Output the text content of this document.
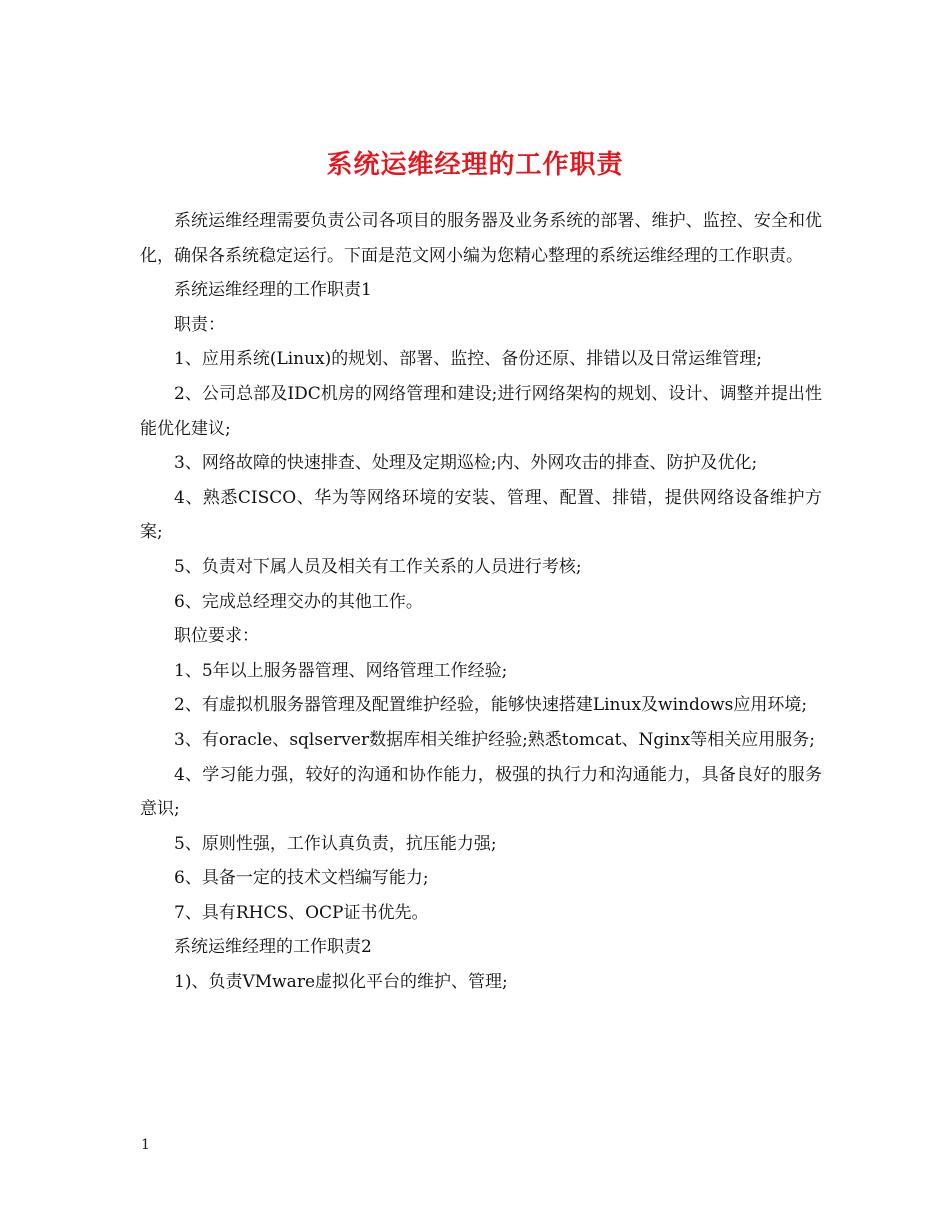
系统运维经理的工作职责

系统运维经理需要负责公司各项目的服务器及业务系统的部署、维护、监控、安全和优化，确保各系统稳定运行。下面是范文网小编为您精心整理的系统运维经理的工作职责。

系统运维经理的工作职责1

职责：

1、应用系统(Linux)的规划、部署、监控、备份还原、排错以及日常运维管理;

2、公司总部及IDC机房的网络管理和建设;进行网络架构的规划、设计、调整并提出性能优化建议;

3、网络故障的快速排查、处理及定期巡检;内、外网攻击的排查、防护及优化;

4、熟悉CISCO、华为等网络环境的安装、管理、配置、排错，提供网络设备维护方案;

5、负责对下属人员及相关有工作关系的人员进行考核;

6、完成总经理交办的其他工作。

职位要求：

1、5年以上服务器管理、网络管理工作经验;

2、有虚拟机服务器管理及配置维护经验，能够快速搭建Linux及windows应用环境;

3、有oracle、sqlserver数据库相关维护经验;熟悉tomcat、Nginx等相关应用服务;

4、学习能力强，较好的沟通和协作能力，极强的执行力和沟通能力，具备良好的服务意识;

5、原则性强，工作认真负责，抗压能力强;

6、具备一定的技术文档编写能力;

7、具有RHCS、OCP证书优先。

系统运维经理的工作职责2

1)、负责VMware虚拟化平台的维护、管理;

1
